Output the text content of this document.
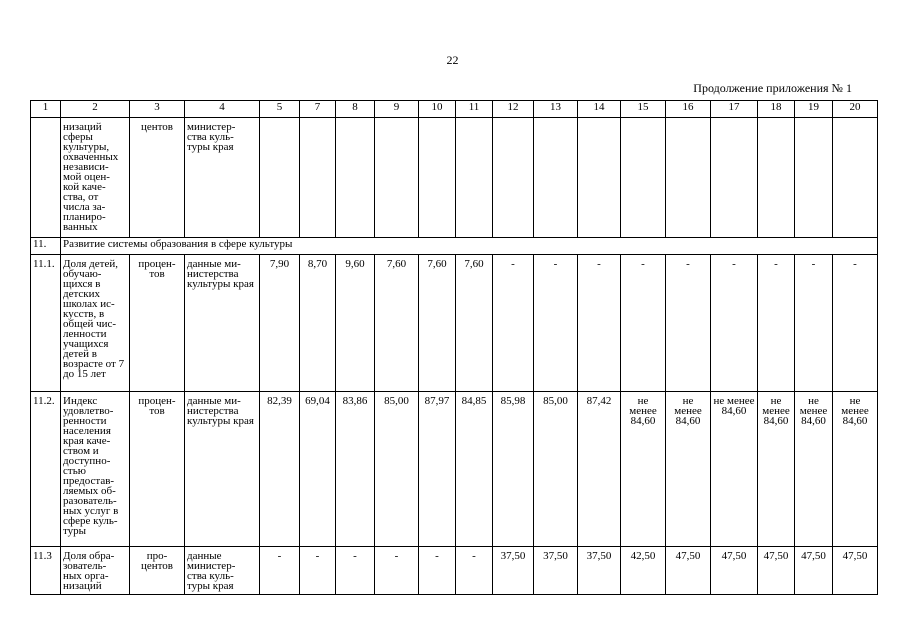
22
Продолжение приложения № 1
1	2	3	4	5	7	8	9	10	11	12	13	14	15	16	17	18	19	20
	низаций сферы культуры, охваченных независи- мой оцен- кой каче- ства, от числа за- планиро- ванных	центов	министер- ства куль- туры края															
11.	Развитие системы образования в сфере культуры																	
11.1.	Доля детей, обучаю- щихся в детских школах ис- кусств, в общей чис- ленности учащихся детей в возрасте от 7 до 15 лет	процен- тов	данные ми- нистерства культуры края	7,90	8,70	9,60	7,60	7,60	7,60	-	-	-	-	-	-	-	-	-
11.2.	Индекс удовлетво- ренности населения края каче- ством и доступно- стью предостав- ляемых об- разователь- ных услуг в сфере куль- туры	процен- тов	данные ми- нистерства культуры края	82,39	69,04	83,86	85,00	87,97	84,85	85,98	85,00	87,42	не менее 84,60	не менее 84,60	не менее 84,60	не менее 84,60	не менее 84,60	не менее 84,60
11.3	Доля обра- зователь- ных орга- низаций	про- центов	данные министер- ства куль- туры края	-	-	-	-	-	-	37,50	37,50	37,50	42,50	47,50	47,50	47,50	47,50	47,50
